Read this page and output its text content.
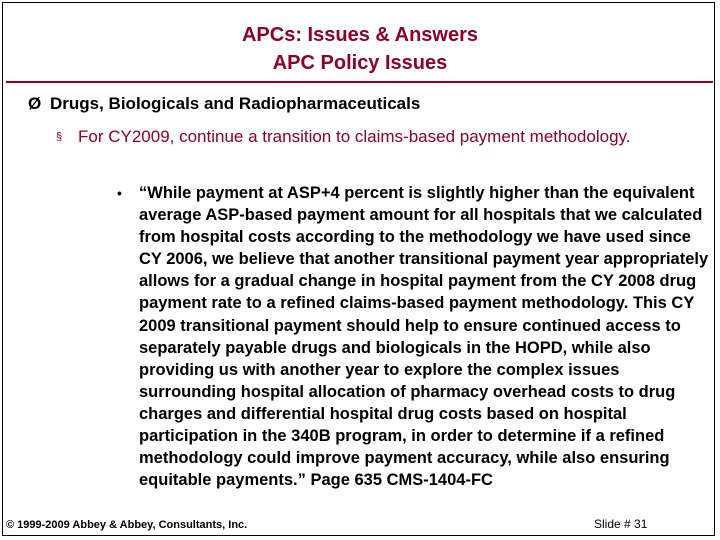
APCs: Issues & Answers
APC Policy Issues
Ø Drugs, Biologicals and Radiopharmaceuticals
§ For CY2009, continue a transition to claims-based payment methodology.
•	“While payment at ASP+4 percent is slightly higher than the equivalent average ASP-based payment amount for all hospitals that we calculated from hospital costs according to the methodology we have used since CY 2006, we believe that another transitional payment year appropriately allows for a gradual change in hospital payment from the CY 2008 drug payment rate to a refined claims-based payment methodology. This CY 2009 transitional payment should help to ensure continued access to separately payable drugs and biologicals in the HOPD, while also providing us with another year to explore the complex issues surrounding hospital allocation of pharmacy overhead costs to drug charges and differential hospital drug costs based on hospital participation in the 340B program, in order to determine if a refined methodology could improve payment accuracy, while also ensuring equitable payments.” Page 635 CMS-1404-FC
© 1999-2009 Abbey & Abbey, Consultants, Inc.	Slide # 31
